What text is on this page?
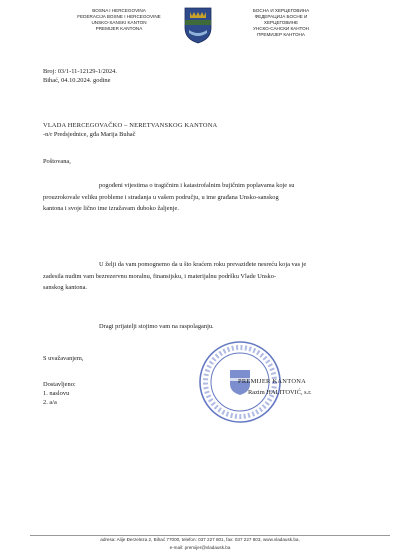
BOSNA I HERCEGOVINA
FEDERACIJA BOSNE I HERCEGOVINE
UNSKO-SANSKI KANTON
PREMIJER KANTONA
БОСНА И ХЕРЦЕГОВИНА
ФЕДЕРАЦИЈА БОСНЕ И
ХЕРЦЕГОВИНЕ
УНСКО-САНСКИ КАНТОН
ПРЕМИЈЕР КАНТОНА
Broj: 03/1-11-12129-1/2024.
Bihać, 04.10.2024. godine
VLADA HERCEGOVAČKO – NERETVANSKOG KANTONA
-n/r Predsjednice, gđa Marija Buhač
Poštovana,
pogođeni vijestima o tragičnim i katastrofalnim bujičnim poplavama koje su
prouzrokovale veliku probleme i stradanja u vašem području, u ime građana Unsko-sanskog
kantona i svoje lično ime izražavam duboko žaljenje.
U želji da vam pomognemo da u što kraćem roku prevaziđete nesreću koja vas je
zadesila nudim vam bezrezervnu moralnu, finansijsku, i materijalnu podršku Vlade Unsko-
sanskog kantona.
Dragi prijatelji stojimo vam na raspolaganju.
S uvažavanjem,
Dostavljeno:
1. naslovu
2. a/a
PREMIJER KANTONA
Razim HALITOVIĆ, s.r.
adresa: Alije Đerzeleza 2, Bihać 77000, telefon: 037 227 801, fax: 037 227 803, www.vladausk.ba,
e-mail: premijer@vladausk.ba
